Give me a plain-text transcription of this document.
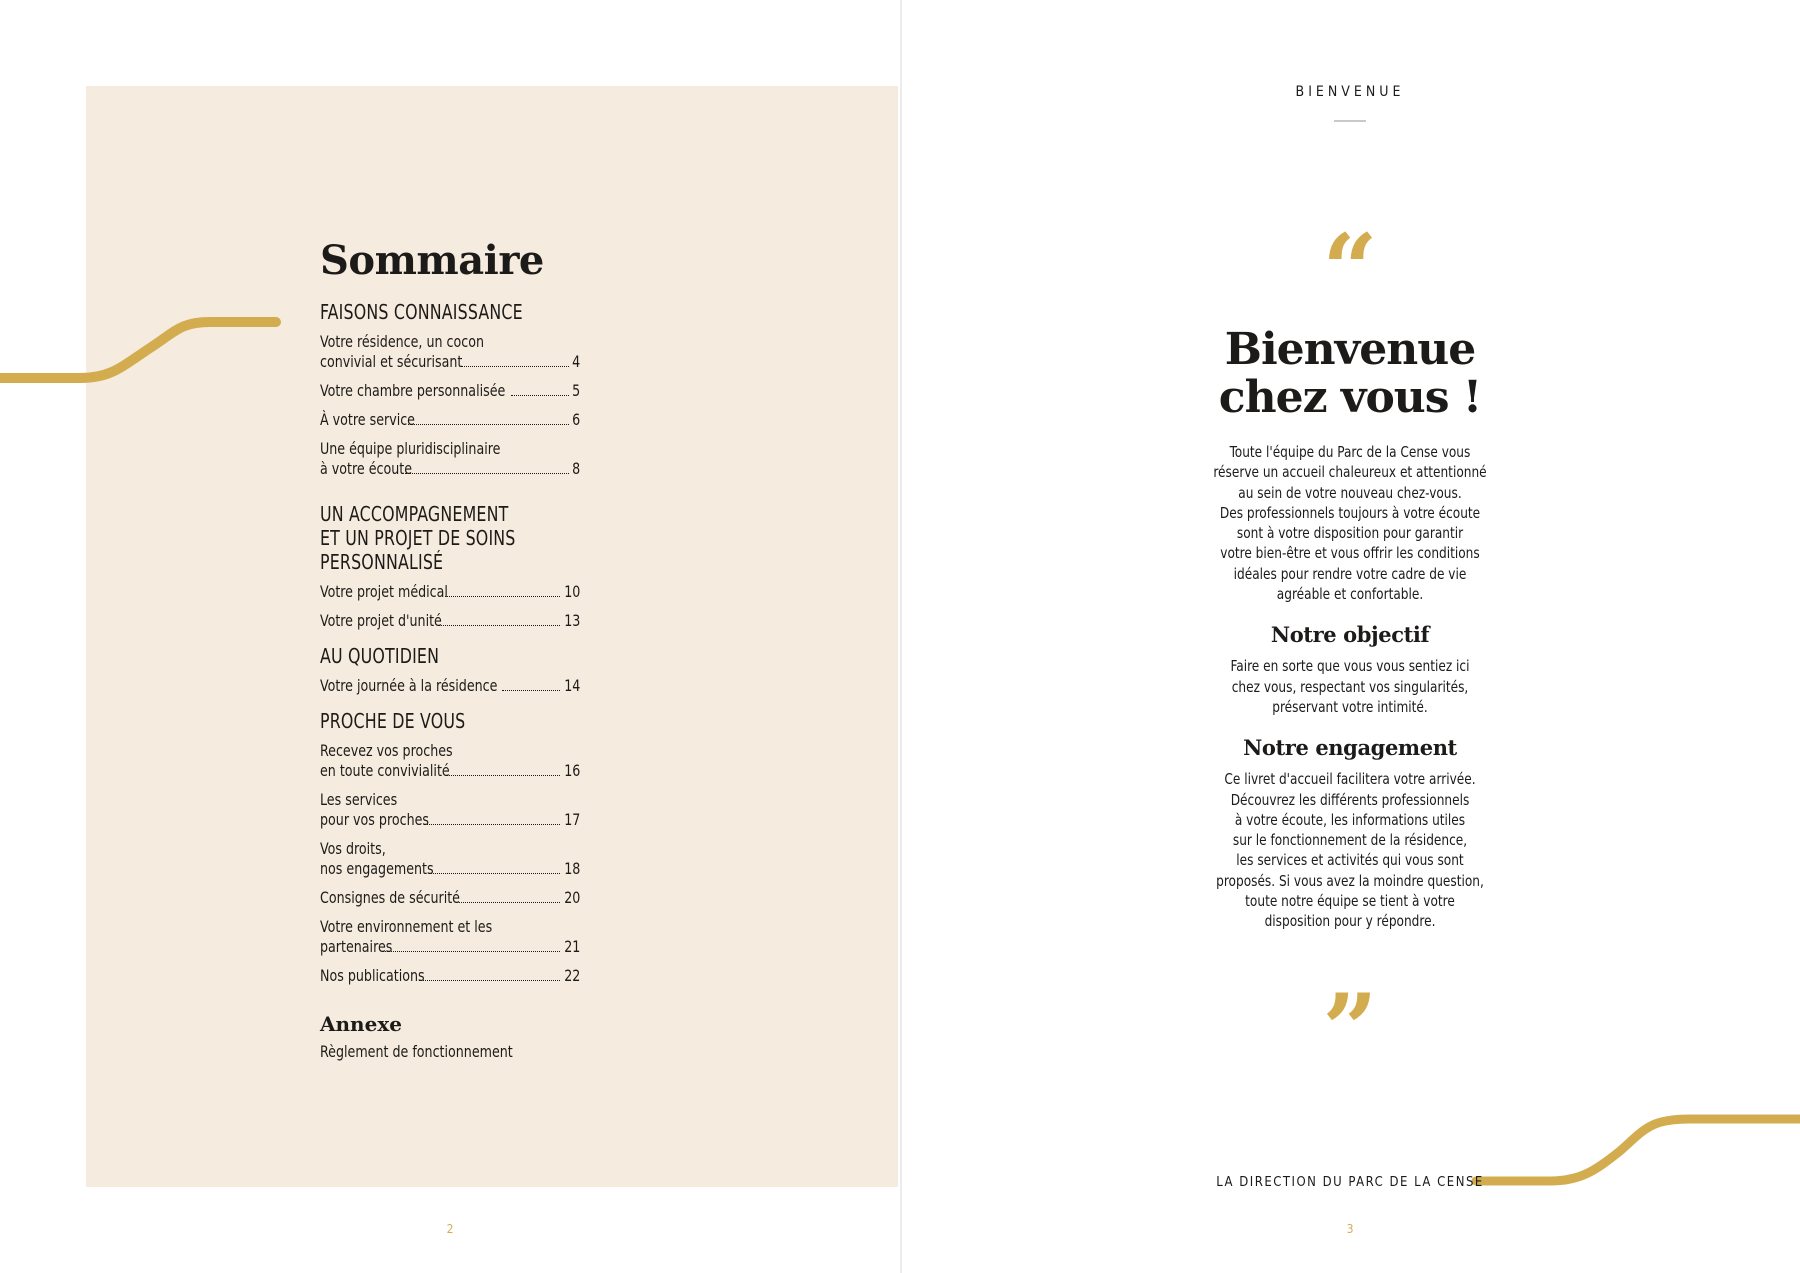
Sommaire
FAISONS CONNAISSANCE
Votre résidence, un cocon
convivial et sécurisant	4
Votre chambre personnalisée	5
À votre service	6
Une équipe pluridisciplinaire
à votre écoute	8
UN ACCOMPAGNEMENT
ET UN PROJET DE SOINS
PERSONNALISÉ
Votre projet médical	10
Votre projet d'unité	13
AU QUOTIDIEN
Votre journée à la résidence	14
PROCHE DE VOUS
Recevez vos proches
en toute convivialité	16
Les services
pour vos proches	17
Vos droits,
nos engagements	18
Consignes de sécurité	20
Votre environnement et les
partenaires	21
Nos publications	22
Annexe
Règlement de fonctionnement
2
BIENVENUE
“
Bienvenue
chez vous !

Toute l'équipe du Parc de la Cense vous

réserve un accueil chaleureux et attentionné

au sein de votre nouveau chez-vous.

Des professionnels toujours à votre écoute

sont à votre disposition pour garantir

votre bien-être et vous offrir les conditions

idéales pour rendre votre cadre de vie

agréable et confortable.

Notre objectif

Faire en sorte que vous vous sentiez ici

chez vous, respectant vos singularités,

préservant votre intimité.

Notre engagement

Ce livret d'accueil facilitera votre arrivée.

Découvrez les différents professionnels

à votre écoute, les informations utiles

sur le fonctionnement de la résidence,

les services et activités qui vous sont

proposés. Si vous avez la moindre question,

toute notre équipe se tient à votre

disposition pour y répondre.

”
LA DIRECTION DU PARC DE LA CENSE
3
